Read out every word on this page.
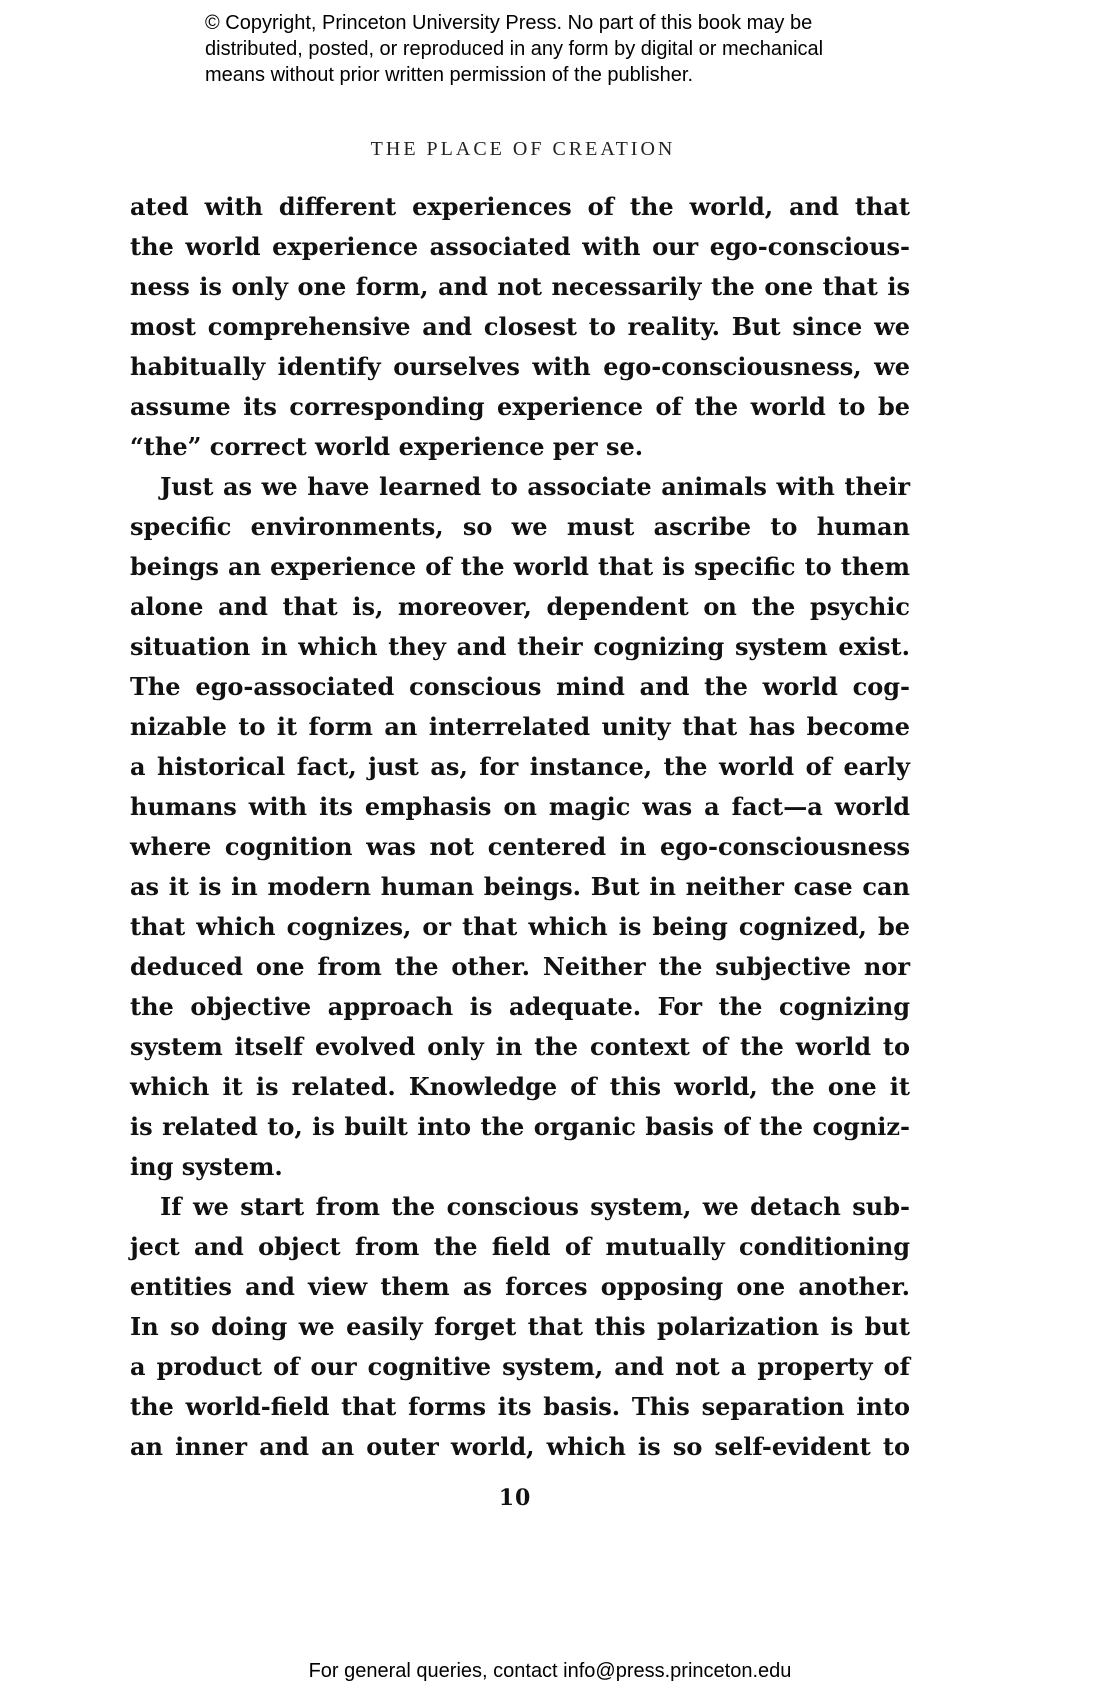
© Copyright, Princeton University Press. No part of this book may be
distributed, posted, or reproduced in any form by digital or mechanical
means without prior written permission of the publisher.
THE PLACE OF CREATION
ated with different experiences of the world, and that
the world experience associated with our ego-conscious-
ness is only one form, and not necessarily the one that is
most comprehensive and closest to reality. But since we
habitually identify ourselves with ego-consciousness, we
assume its corresponding experience of the world to be
“the” correct world experience per se.
Just as we have learned to associate animals with their
specific environments, so we must ascribe to human
beings an experience of the world that is specific to them
alone and that is, moreover, dependent on the psychic
situation in which they and their cognizing system exist.
The ego-associated conscious mind and the world cog-
nizable to it form an interrelated unity that has become
a historical fact, just as, for instance, the world of early
humans with its emphasis on magic was a fact—a world
where cognition was not centered in ego-consciousness
as it is in modern human beings. But in neither case can
that which cognizes, or that which is being cognized, be
deduced one from the other. Neither the subjective nor
the objective approach is adequate. For the cognizing
system itself evolved only in the context of the world to
which it is related. Knowledge of this world, the one it
is related to, is built into the organic basis of the cogniz-
ing system.
If we start from the conscious system, we detach sub-
ject and object from the field of mutually conditioning
entities and view them as forces opposing one another.
In so doing we easily forget that this polarization is but
a product of our cognitive system, and not a property of
the world-field that forms its basis. This separation into
an inner and an outer world, which is so self-evident to
10
For general queries, contact info@press.princeton.edu
